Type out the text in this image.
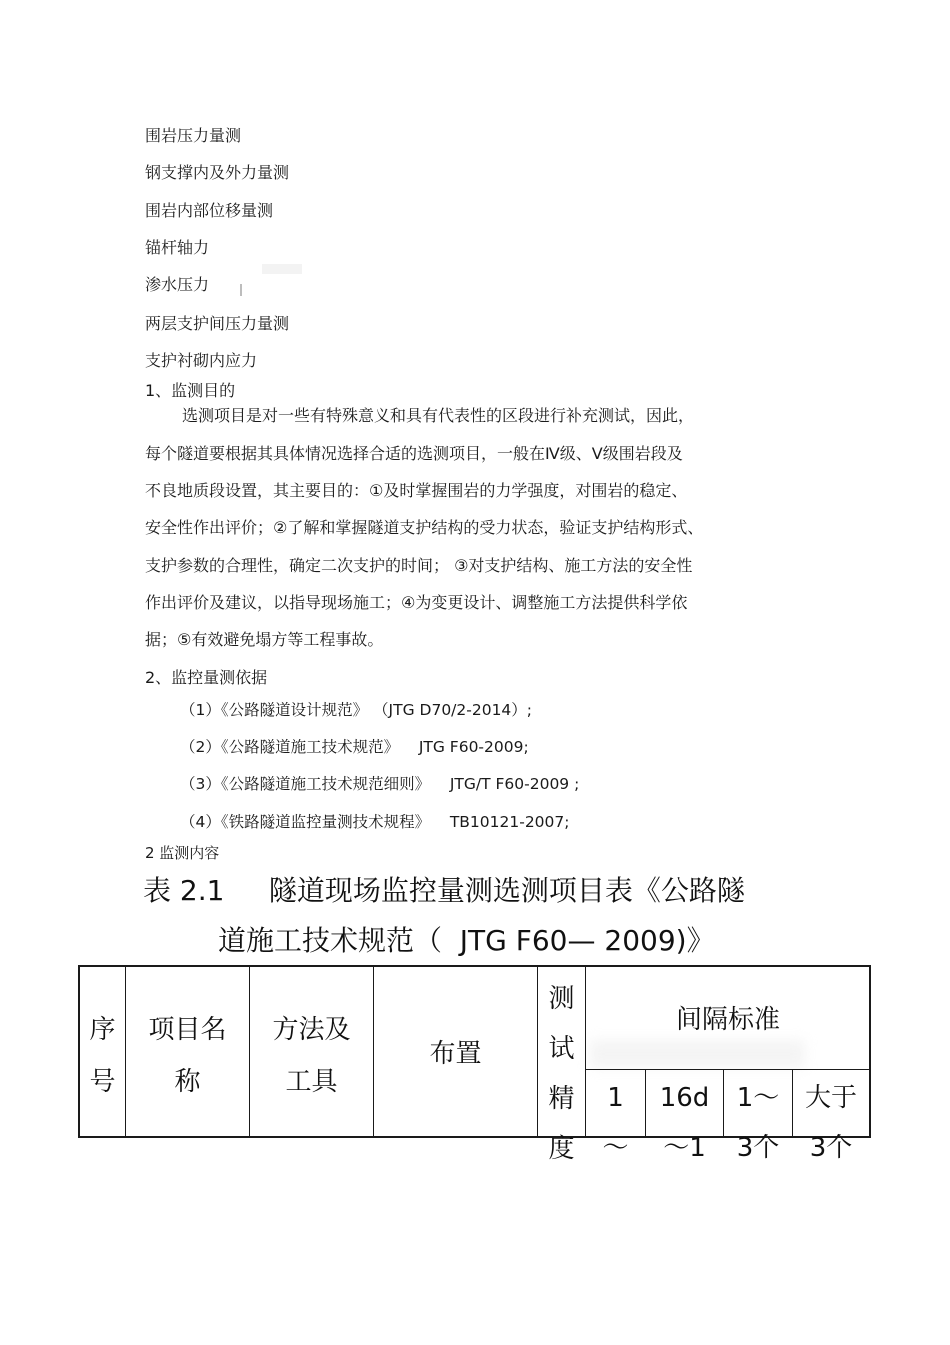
围岩压力量测
钢支撑内及外力量测
围岩内部位移量测
锚杆轴力
渗水压力
两层支护间压力量测
支护衬砌内应力
1、监测目的
选测项目是对一些有特殊意义和具有代表性的区段进行补充测试，因此，
每个隧道要根据其具体情况选择合适的选测项目，一般在Ⅳ级、Ⅴ级围岩段及
不良地质段设置，其主要目的：①及时掌握围岩的力学强度，对围岩的稳定、
安全性作出评价；②了解和掌握隧道支护结构的受力状态，验证支护结构形式、
支护参数的合理性，确定二次支护的时间； ③对支护结构、施工方法的安全性
作出评价及建议，以指导现场施工；④为变更设计、调整施工方法提供科学依
据；⑤有效避免塌方等工程事故。
2、监控量测依据
（1）《公路隧道设计规范》 （JTG D70/2-2014）;
（2）《公路隧道施工技术规范》    JTG F60-2009;
（3）《公路隧道施工技术规范细则》    JTG/T F60-2009 ;
（4）《铁路隧道监控量测技术规程》    TB10121-2007;
2 监测内容
表 2.1     隧道现场监控量测选测项目表《公路隧
道施工技术规范（  JTG F60— 2009)》
序
号
项目名
称
方法及
工具
布置
测
试
精
度
间隔标准
1
～
16d
～1
1～
3个
大于
3个
